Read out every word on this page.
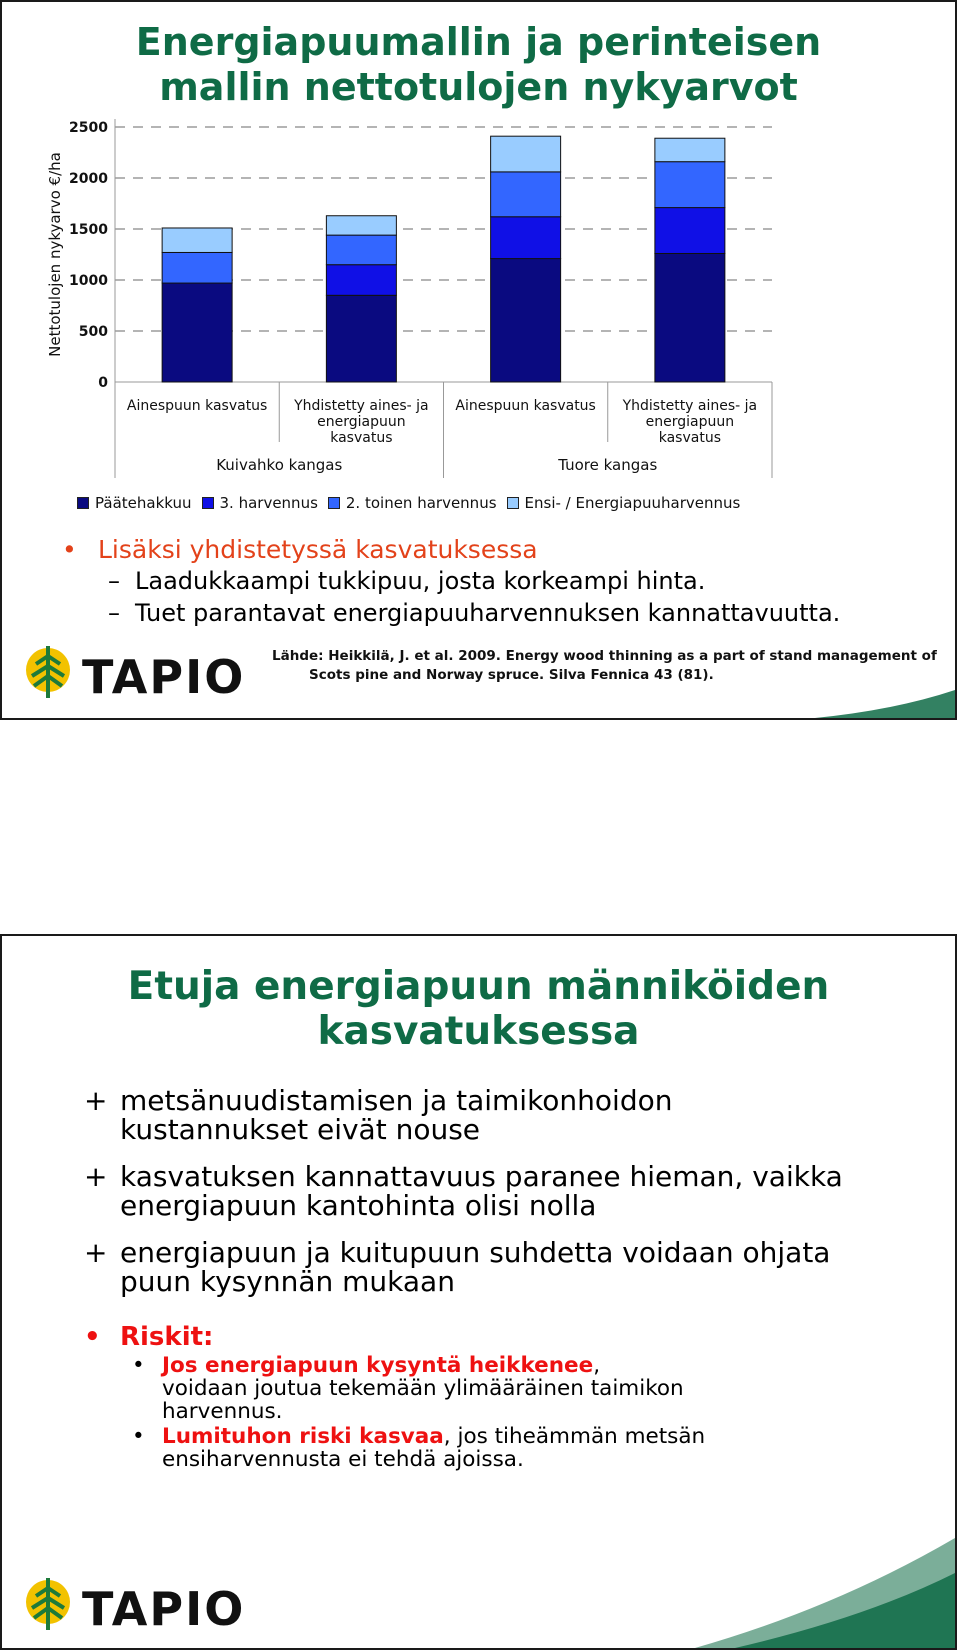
Energiapuumallin ja perinteisen
mallin nettotulojen nykyarvot
Nettotulojen nykyarvo €/ha
0
500
1000
1500
2000
2500
Ainespuun kasvatus Yhdistetty aines- ja
energiapuun
kasvatus
Ainespuun kasvatus Yhdistetty aines- ja
energiapuun
kasvatus
Kuivahko kangas	Tuore kangas
Päätehakkuu 3. harvennus 2. toinen harvennus Ensi- / Energiapuuharvennus
• Lisäksi yhdistetyssä kasvatuksessa
– Laadukkaampi tukkipuu, josta korkeampi hinta.
– Tuet parantavat energiapuuharvennuksen kannattavuutta.
Lähde: Heikkilä, J. et al. 2009. Energy wood thinning as a part of stand management of
Scots pine and Norway spruce. Silva Fennica 43 (81).
TAPIO
Etuja energiapuun männiköiden
kasvatuksessa
+ metsänuudistamisen ja taimikonhoidon
kustannukset eivät nouse
+ kasvatuksen kannattavuus paranee hieman, vaikka
energiapuun kantohinta olisi nolla
+ energiapuun ja kuitupuun suhdetta voidaan ohjata
puun kysynnän mukaan
• Riskit:
• Jos energiapuun kysyntä heikkenee,
voidaan joutua tekemään ylimääräinen taimikon
harvennus.
• Lumituhon riski kasvaa, jos tiheämmän metsän
ensiharvennusta ei tehdä ajoissa.
TAPIO
